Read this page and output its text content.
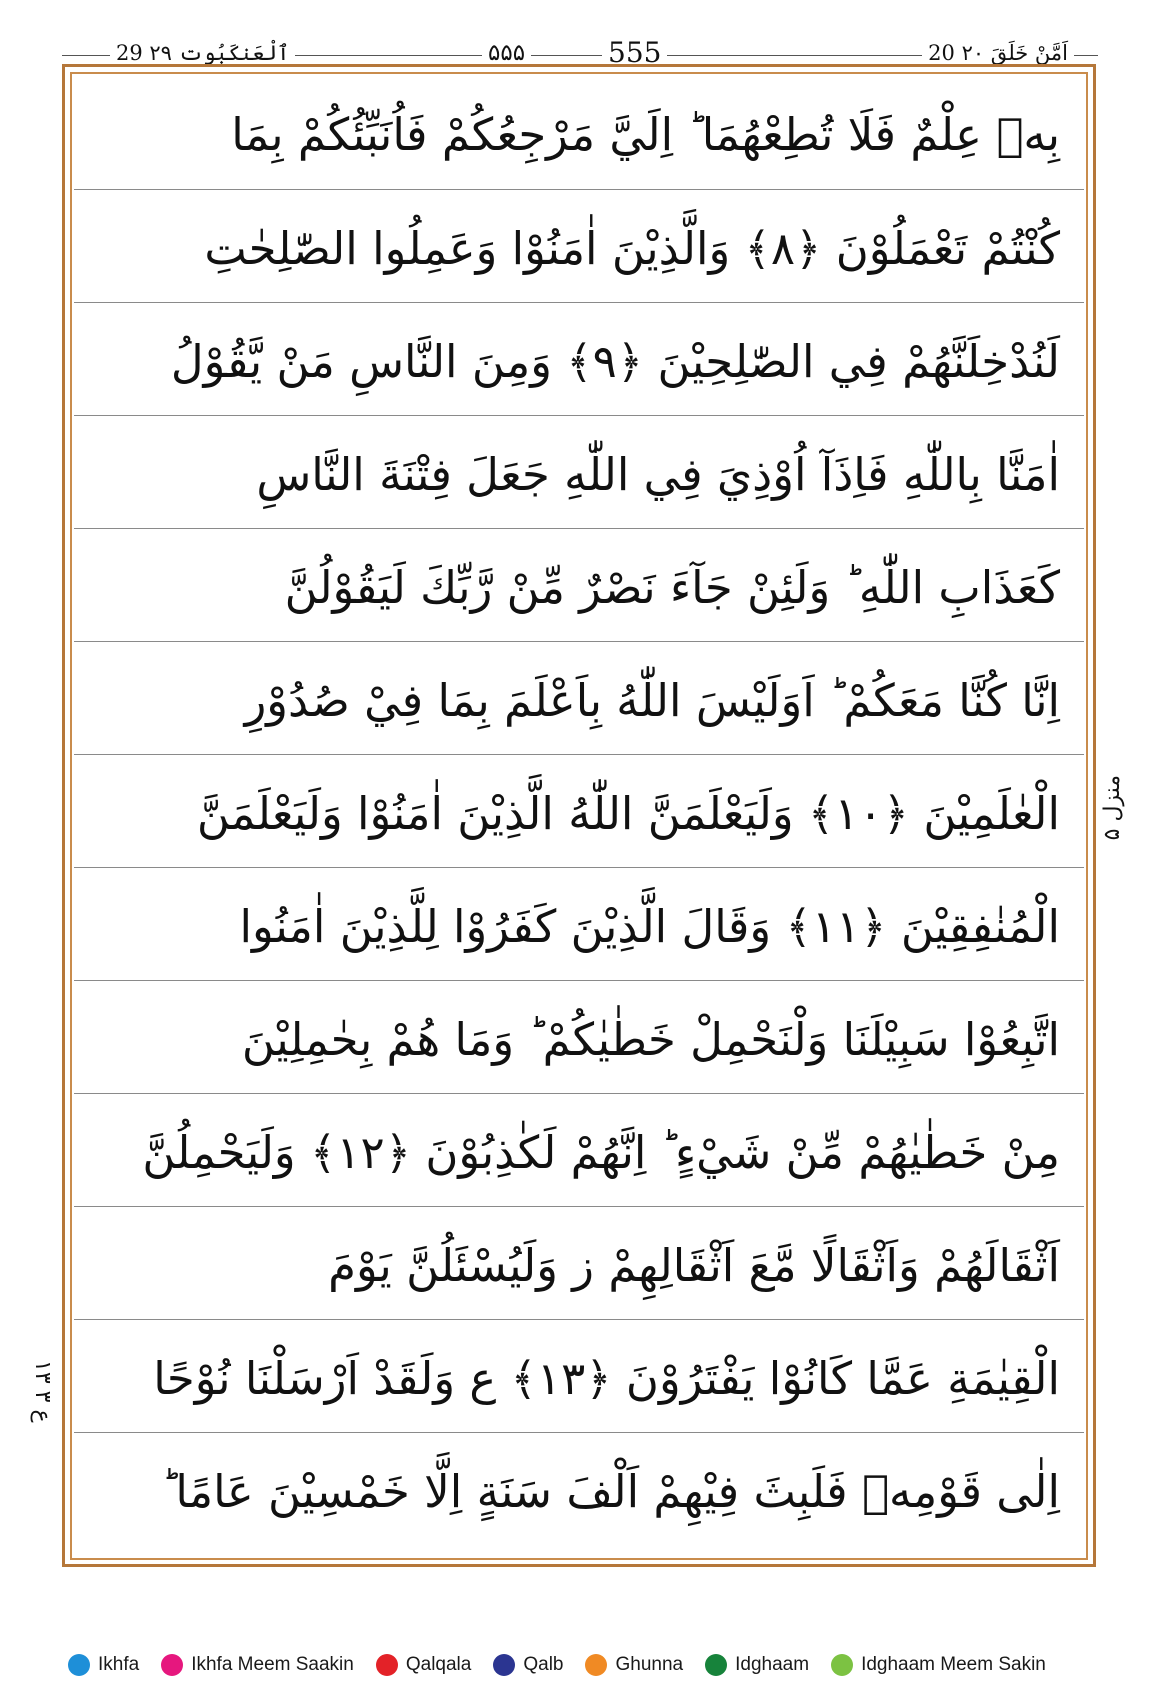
29 ٱلْعَنكَبُوت ۲۹	۵۵۵	555	20 اَمَّنْ خَلَقَ ۲۰
بِهٖ عِلْمٌ فَلَا تُطِعْهُمَا ؕ اِلَيَّ مَرْجِعُكُمْ فَاُنَبِّئُكُمْ بِمَا
كُنْتُمْ تَعْمَلُوْنَ ﴿۸﴾ وَالَّذِيْنَ اٰمَنُوْا وَعَمِلُوا الصّٰلِحٰتِ
لَنُدْخِلَنَّهُمْ فِي الصّٰلِحِيْنَ ﴿۹﴾ وَمِنَ النَّاسِ مَنْ يَّقُوْلُ
اٰمَنَّا بِاللّٰهِ فَاِذَآ اُوْذِيَ فِي اللّٰهِ جَعَلَ فِتْنَةَ النَّاسِ
كَعَذَابِ اللّٰهِ ؕ وَلَئِنْ جَآءَ نَصْرٌ مِّنْ رَّبِّكَ لَيَقُوْلُنَّ
اِنَّا كُنَّا مَعَكُمْ ؕ اَوَلَيْسَ اللّٰهُ بِاَعْلَمَ بِمَا فِيْ صُدُوْرِ
الْعٰلَمِيْنَ ﴿۱۰﴾ وَلَيَعْلَمَنَّ اللّٰهُ الَّذِيْنَ اٰمَنُوْا وَلَيَعْلَمَنَّ
الْمُنٰفِقِيْنَ ﴿۱۱﴾ وَقَالَ الَّذِيْنَ كَفَرُوْا لِلَّذِيْنَ اٰمَنُوا
اتَّبِعُوْا سَبِيْلَنَا وَلْنَحْمِلْ خَطٰيٰكُمْ ؕ وَمَا هُمْ بِحٰمِلِيْنَ
مِنْ خَطٰيٰهُمْ مِّنْ شَيْءٍ ؕ اِنَّهُمْ لَكٰذِبُوْنَ ﴿۱۲﴾ وَلَيَحْمِلُنَّ
اَثْقَالَهُمْ وَاَثْقَالًا مَّعَ اَثْقَالِهِمْ ز وَلَيُسْئَلُنَّ يَوْمَ
الْقِيٰمَةِ عَمَّا كَانُوْا يَفْتَرُوْنَ ﴿۱۳﴾ ع وَلَقَدْ اَرْسَلْنَا نُوْحًا
اِلٰى قَوْمِهٖ فَلَبِثَ فِيْهِمْ اَلْفَ سَنَةٍ اِلَّا خَمْسِيْنَ عَامًا ؕ
منزل ۵
ع ۳ ۱۳
Ikhfa	Ikhfa Meem Saakin	Qalqala	Qalb	Ghunna	Idghaam	Idghaam Meem Sakin
